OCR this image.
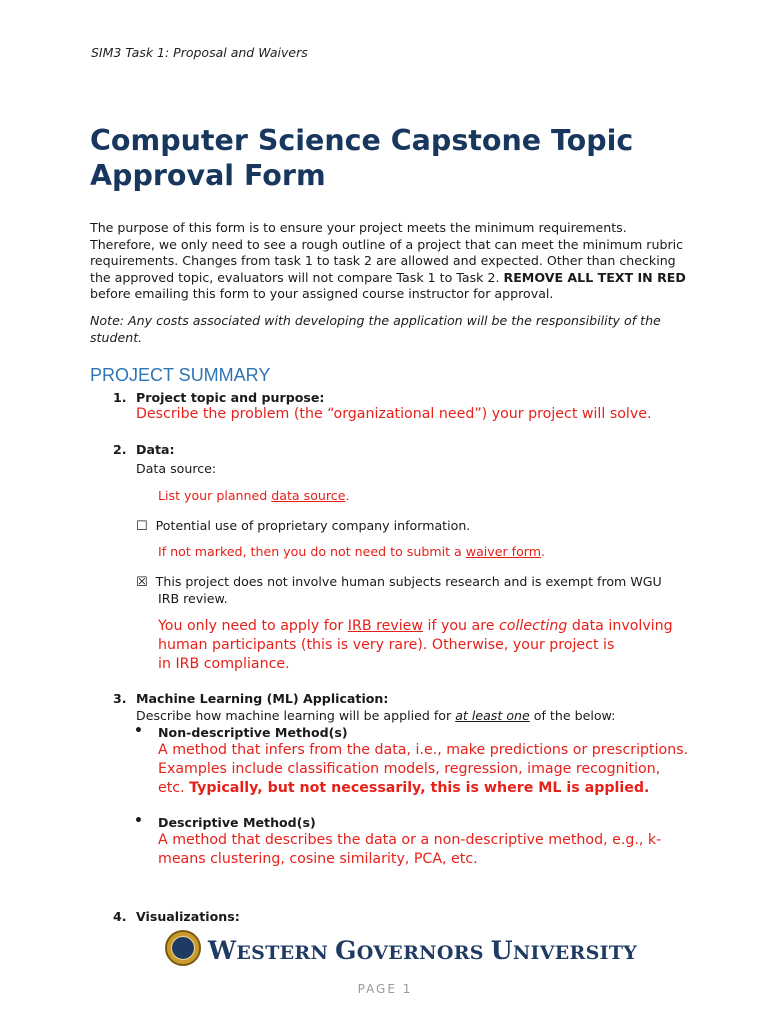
SIM3 Task 1: Proposal and Waivers
Computer Science Capstone Topic Approval Form

The purpose of this form is to ensure your project meets the minimum requirements. Therefore, we only need to see a rough outline of a project that can meet the minimum rubric requirements. Changes from task 1 to task 2 are allowed and expected. Other than checking the approved topic, evaluators will not compare Task 1 to Task 2. REMOVE ALL TEXT IN RED before emailing this form to your assigned course instructor for approval.

Note: Any costs associated with developing the application will be the responsibility of the student.

PROJECT SUMMARY
1. Project topic and purpose:
Describe the problem (the “organizational need”) your project will solve.
2. Data:
Data source:
List your planned data source.
☐ Potential use of proprietary company information.
If not marked, then you do not need to submit a waiver form.
☒ This project does not involve human subjects research and is exempt from WGU
IRB review.
You only need to apply for IRB review if you are collecting data involving
human participants (this is very rare). Otherwise, your project is
in IRB compliance.
3. Machine Learning (ML) Application:
Describe how machine learning will be applied for at least one of the below:
• Non-descriptive Method(s)
A method that infers from the data, i.e., make predictions or prescriptions.
Examples include classification models, regression, image recognition,
etc. Typically, but not necessarily, this is where ML is applied.
• Descriptive Method(s)
A method that describes the data or a non-descriptive method, e.g., k-
means clustering, cosine similarity, PCA, etc.
4. Visualizations:
WESTERN GOVERNORS UNIVERSITY
PAGE 1
